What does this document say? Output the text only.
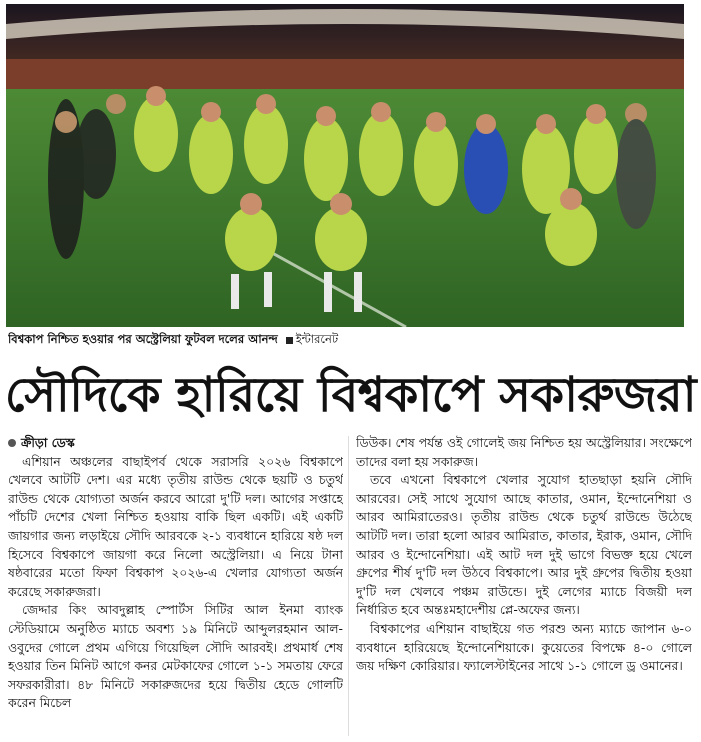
বিশ্বকাপ নিশ্চিত হওয়ার পর অস্ট্রেলিয়া ফুটবল দলের আনন্দ ইন্টারনেট
সৌদিকে হারিয়ে বিশ্বকাপে সকারুজরা
ক্রীড়া ডেস্ক

এশিয়ান অঞ্চলের বাছাইপর্ব থেকে সরাসরি ২০২৬ বিশ্বকাপে খেলবে আটটি দেশ। এর মধ্যে তৃতীয় রাউন্ড থেকে ছয়টি ও চতুর্থ রাউন্ড থেকে যোগ্যতা অর্জন করবে আরো দু'টি দল। আগের সপ্তাহে পাঁচটি দেশের খেলা নিশ্চিত হওয়ায় বাকি ছিল একটি। এই একটি জায়গার জন্য লড়াইয়ে সৌদি আরবকে ২-১ ব্যবধানে হারিয়ে ষষ্ঠ দল হিসেবে বিশ্বকাপে জায়গা করে নিলো অস্ট্রেলিয়া। এ নিয়ে টানা ষষ্ঠবারের মতো ফিফা বিশ্বকাপ ২০২৬-এ খেলার যোগ্যতা অর্জন করেছে সকারুজরা।

জেদ্দার কিং আবদুল্লাহ স্পোর্টস সিটির আল ইনমা ব্যাংক স্টেডিয়ামে অনুষ্ঠিত ম্যাচে অবশ্য ১৯ মিনিটে আব্দুলরহমান আল-ওবুদের গোলে প্রথম এগিয়ে গিয়েছিল সৌদি আরবই। প্রথমার্ধ শেষ হওয়ার তিন মিনিট আগে কনর মেটকাফের গোলে ১-১ সমতায় ফেরে সফরকারীরা। ৪৮ মিনিটে সকারুজদের হয়ে দ্বিতীয় হেডে গোলটি করেন মিচেল

ডিউক। শেষ পর্যন্ত ওই গোলেই জয় নিশ্চিত হয় অস্ট্রেলিয়ার। সংক্ষেপে তাদের বলা হয় সকারুজ।

তবে এখনো বিশ্বকাপে খেলার সুযোগ হাতছাড়া হয়নি সৌদি আরবের। সেই সাথে সুযোগ আছে কাতার, ওমান, ইন্দোনেশিয়া ও আরব আমিরাতেরও। তৃতীয় রাউন্ড থেকে চতুর্থ রাউন্ডে উঠেছে আটটি দল। তারা হলো আরব আমিরাত, কাতার, ইরাক, ওমান, সৌদি আরব ও ইন্দোনেশিয়া। এই আট দল দুই ভাগে বিভক্ত হয়ে খেলে গ্রুপের শীর্ষ দু'টি দল উঠবে বিশ্বকাপে। আর দুই গ্রুপের দ্বিতীয় হওয়া দু'টি দল খেলবে পঞ্চম রাউন্ডে। দুই লেগের ম্যাচে বিজয়ী দল নির্ধারিত হবে অন্তঃমহাদেশীয় প্লে-অফের জন্য।

বিশ্বকাপের এশিয়ান বাছাইয়ে গত পরশু অন্য ম্যাচে জাপান ৬-০ ব্যবধানে হারিয়েছে ইন্দোনেশিয়াকে। কুয়েতের বিপক্ষে ৪-০ গোলে জয় দক্ষিণ কোরিয়ার। ফ্যালেস্টাইনের সাথে ১-১ গোলে ড্র ওমানের।
